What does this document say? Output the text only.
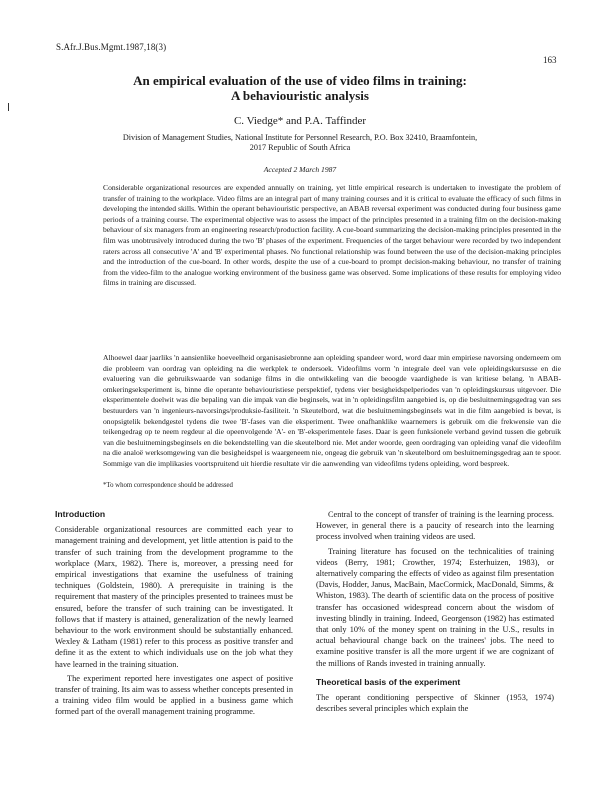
S.Afr.J.Bus.Mgmt.1987,18(3)
163
An empirical evaluation of the use of video films in training:
A behaviouristic analysis
C. Viedge* and P.A. Taffinder
Division of Management Studies, National Institute for Personnel Research, P.O. Box 32410, Braamfontein,
2017 Republic of South Africa
Accepted 2 March 1987

Considerable organizational resources are expended annually on training, yet little empirical research is undertaken to investigate the problem of transfer of training to the workplace. Video films are an integral part of many training courses and it is critical to evaluate the efficacy of such films in developing the intended skills. Within the operant behaviouristic perspective, an ABAB reversal experiment was conducted during four business game periods of a training course. The experimental objective was to assess the impact of the principles presented in a training film on the decision-making behaviour of six managers from an engineering research/production facility. A cue-board summarizing the decision-making principles presented in the film was unobtrusively introduced during the two 'B' phases of the experiment. Frequencies of the target behaviour were recorded by two independent raters across all consecutive 'A' and 'B' experimental phases. No functional relationship was found between the use of the decision-making principles and the introduction of the cue-board. In other words, despite the use of a cue-board to prompt decision-making behaviour, no transfer of training from the video-film to the analogue working environment of the business game was observed. Some implications of these results for employing video films in training are discussed.

Alhoewel daar jaarliks 'n aansienlike hoeveelheid organisasiebronne aan opleiding spandeer word, word daar min empiriese navorsing onderneem om die probleem van oordrag van opleiding na die werkplek te ondersoek. Videofilms vorm 'n integrale deel van vele opleidingskursusse en die evaluering van die gebruikswaarde van sodanige films in die ontwikkeling van die beoogde vaardighede is van kritiese belang. 'n ABAB-omkeringseksperiment is, binne die operante behaviouristiese perspektief, tydens vier besigheidspelperiodes van 'n opleidingskursus uitgevoer. Die eksperimentele doelwit was die bepaling van die impak van die beginsels, wat in 'n opleidingsfilm aangebied is, op die besluitnemingsgedrag van ses bestuurders van 'n ingenieurs-navorsings/produksie-fasiliteit. 'n Skeutelbord, wat die besluitnemingsbeginsels wat in die film aangebied is bevat, is onopsigtelik bekendgestel tydens die twee 'B'-fases van die eksperiment. Twee onafhanklike waarnemers is gebruik om die frekwensie van die teikengedrag op te neem regdeur al die opeenvolgende 'A'- en 'B'-eksperimentele fases. Daar is geen funksionele verband gevind tussen die gebruik van die besluitnemingsbeginsels en die bekendstelling van die skeutelbord nie. Met ander woorde, geen oordraging van opleiding vanaf die videofilm na die analoë werksomgewing van die besigheidspel is waargeneem nie, ongeag die gebruik van 'n skeutelbord om besluitnemingsgedrag aan te spoor. Sommige van die implikasies voortspruitend uit hierdie resultate vir die aanwending van videofilms tydens opleiding, word bespreek.

*To whom correspondence should be addressed
Introduction

Considerable organizational resources are committed each year to management training and development, yet little attention is paid to the transfer of such training from the development programme to the workplace (Marx, 1982). There is, moreover, a pressing need for empirical investigations that examine the usefulness of training techniques (Goldstein, 1980). A prerequisite in training is the requirement that mastery of the principles presented to trainees must be ensured, before the transfer of such training can be investigated. It follows that if mastery is attained, generalization of the newly learned behaviour to the work environment should be substantially enhanced. Wexley & Latham (1981) refer to this process as positive transfer and define it as the extent to which individuals use on the job what they have learned in the training situation.

The experiment reported here investigates one aspect of positive transfer of training. Its aim was to assess whether concepts presented in a training video film would be applied in a business game which formed part of the overall management training programme.

Central to the concept of transfer of training is the learning process. However, in general there is a paucity of research into the learning process involved when training videos are used.

Training literature has focused on the technicalities of training videos (Berry, 1981; Crowther, 1974; Esterhuizen, 1983), or alternatively comparing the effects of video as against film presentation (Davis, Hodder, Janus, MacBain, MacCormick, MacDonald, Simms, & Whiston, 1983). The dearth of scientific data on the process of positive transfer has occasioned widespread concern about the wisdom of investing blindly in training. Indeed, Georgenson (1982) has estimated that only 10% of the money spent on training in the U.S., results in actual behavioural change back on the trainees' jobs. The need to examine positive transfer is all the more urgent if we are cognizant of the millions of Rands invested in training annually.

Theoretical basis of the experiment

The operant conditioning perspective of Skinner (1953, 1974) describes several principles which explain the
